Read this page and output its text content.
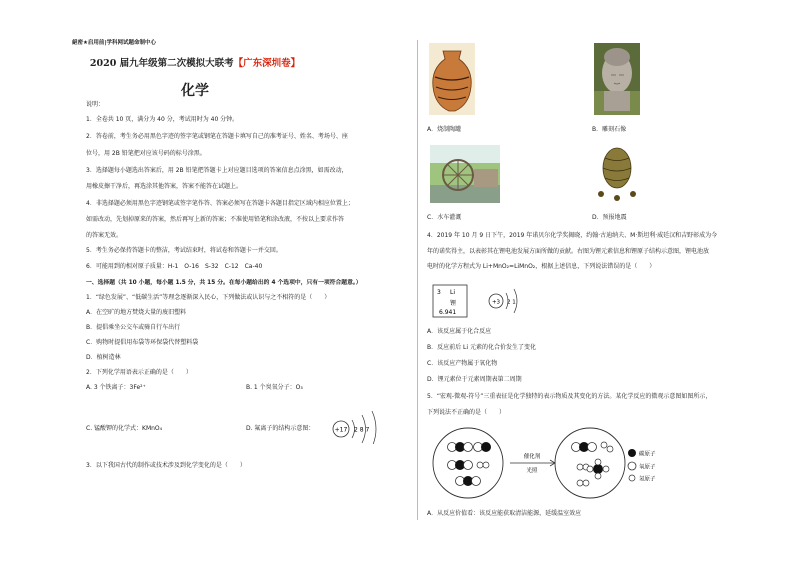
絕密★启用前|学科网试题命制中心
2020 届九年级第二次模拟大联考【广东深圳卷】
化学
说明：
1．全卷共 10 页，满分为 40 分，考试用时为 40 分钟。
2．答卷前，考生务必用黑色字迹的签字笔或钢笔在答题卡填写自己的准考证号、姓名、考场号、座
位号，用 2B 铅笔把对应该号码的标号涂黑。
3．选择题每小题选出答案后，用 2B 铅笔把答题卡上对应题目选项的答案信息点涂黑，如需改动，
用橡皮擦干净后，再选涂其他答案，答案不能答在试题上。
4．非选择题必须用黑色字迹钢笔或签字笔作答、答案必须写在答题卡各题目指定区域内相应位置上；
如需改动，先划掉原来的答案，然后再写上新的答案；不准使用铅笔和涂改液，不按以上要求作答
的答案无效。
5．考生务必保持答题卡的整洁，考试结束时，将试卷和答题卡一并交回。
6．可能用到的相对原子质量：H-1　O-16　S-32　C-12　Ca-40
一、选择题（共 10 小题，每小题 1.5 分，共 15 分。在每小题给出的 4 个选项中，只有一项符合题意。）
1．“绿色发展”、“低碳生活”等理念逐渐深入民心，下列做法或认识与之不相符的是（　　）
A．在空旷的地方焚烧大量的废旧塑料
B．提倡乘坐公交车或骑自行车出行
C．购物时提倡用布袋等环保袋代替塑料袋
D．植树造林
2．下列化学用语表示正确的是（　　）
A. 3 个铁离子：3Fe²⁺	B. 1 个臭氧分子：O₃
C. 锰酸钾的化学式：KMnO₄	D. 氟离子的结构示意图：	+17 2 8 7
3．以下我国古代的制作或技术涉及到化学变化的是（　　）
A．烧制陶罐	B．雕刻石像
C．水车灌溉	D．预报地震
4．2019 年 10 月 9 日下午，2019 年诺贝尔化学奖揭晓，约翰·古迪纳夫、M·斯坦利·威廷汉和吉野彰成为今
年的诺奖得主，以表彰其在锂电池发展方面所做的贡献。右图为锂元素信息和锂原子结构示意图，锂电池放
电时的化学方程式为 Li+MnO₂=LiMnO₂，根据上述信息，下列说法错误的是（　　）
3 Li
锂
6.941
+3 2 1
A．该反应属于化合反应
B．反应前后 Li 元素的化合价发生了变化
C．该反应产物属于氧化物
D．锂元素位于元素周期表第二周期
5．“宏观-微观-符号”三重表征是化学独特的表示物质及其变化的方法。某化学反应的微观示意图如图所示，
下列说法不正确的是（　　）
催化剂
光照
碳原子
氧原子
氢原子
A．从反应价值看：该反应能获取清洁能源，延缓温室效应
